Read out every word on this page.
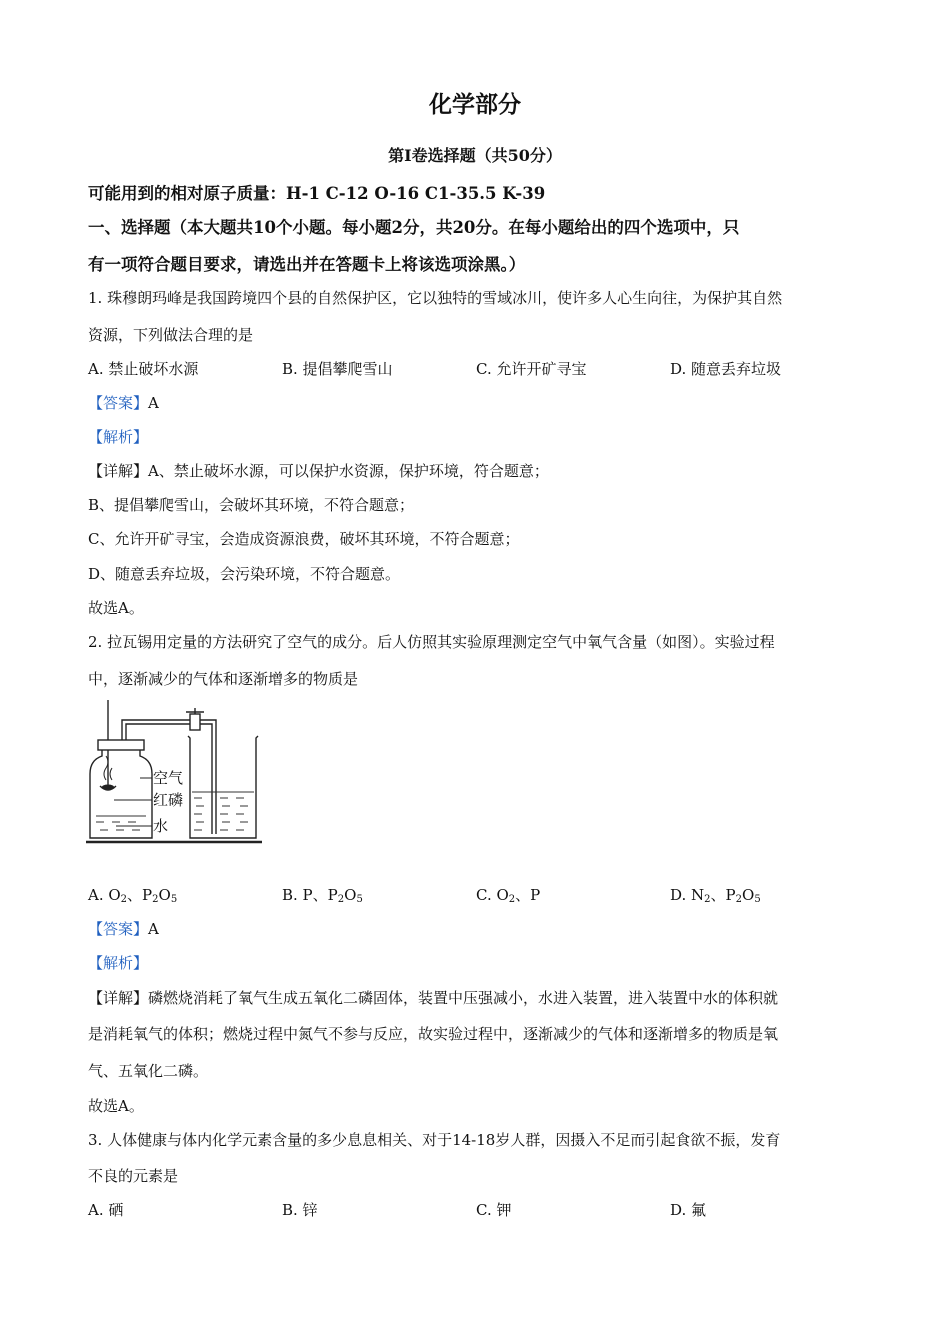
化学部分
第I卷选择题（共50分）
可能用到的相对原子质量：H-1 C-12 O-16 C1-35.5 K-39
一、选择题（本大题共10个小题。每小题2分，共20分。在每小题给出的四个选项中，只
有一项符合题目要求，请选出并在答题卡上将该选项涂黑。）
1. 珠穆朗玛峰是我国跨境四个县的自然保护区，它以独特的雪域冰川，使许多人心生向往，为保护其自然
资源，下列做法合理的是
A. 禁止破坏水源	B. 提倡攀爬雪山	C. 允许开矿寻宝	D. 随意丢弃垃圾
【答案】A
【解析】
【详解】A、禁止破坏水源，可以保护水资源，保护环境，符合题意；
B、提倡攀爬雪山，会破坏其环境，不符合题意；
C、允许开矿寻宝，会造成资源浪费，破坏其环境，不符合题意；
D、随意丢弃垃圾，会污染环境，不符合题意。
故选A。
2. 拉瓦锡用定量的方法研究了空气的成分。后人仿照其实验原理测定空气中氧气含量（如图）。实验过程
中，逐渐减少的气体和逐渐增多的物质是
空气
红磷
水
A. $O_2$、$P_2O_5$	B. P、$P_2O_5$	C. $O_2$、P	D. $N_2$、$P_2O_5$
【答案】A
【解析】
【详解】磷燃烧消耗了氧气生成五氧化二磷固体，装置中压强减小，水进入装置，进入装置中水的体积就
是消耗氧气的体积；燃烧过程中氮气不参与反应，故实验过程中，逐渐减少的气体和逐渐增多的物质是氧
气、五氧化二磷。
故选A。
3. 人体健康与体内化学元素含量的多少息息相关、对于14-18岁人群，因摄入不足而引起食欲不振，发育
不良的元素是
A. 硒	B. 锌	C. 钾	D. 氟
